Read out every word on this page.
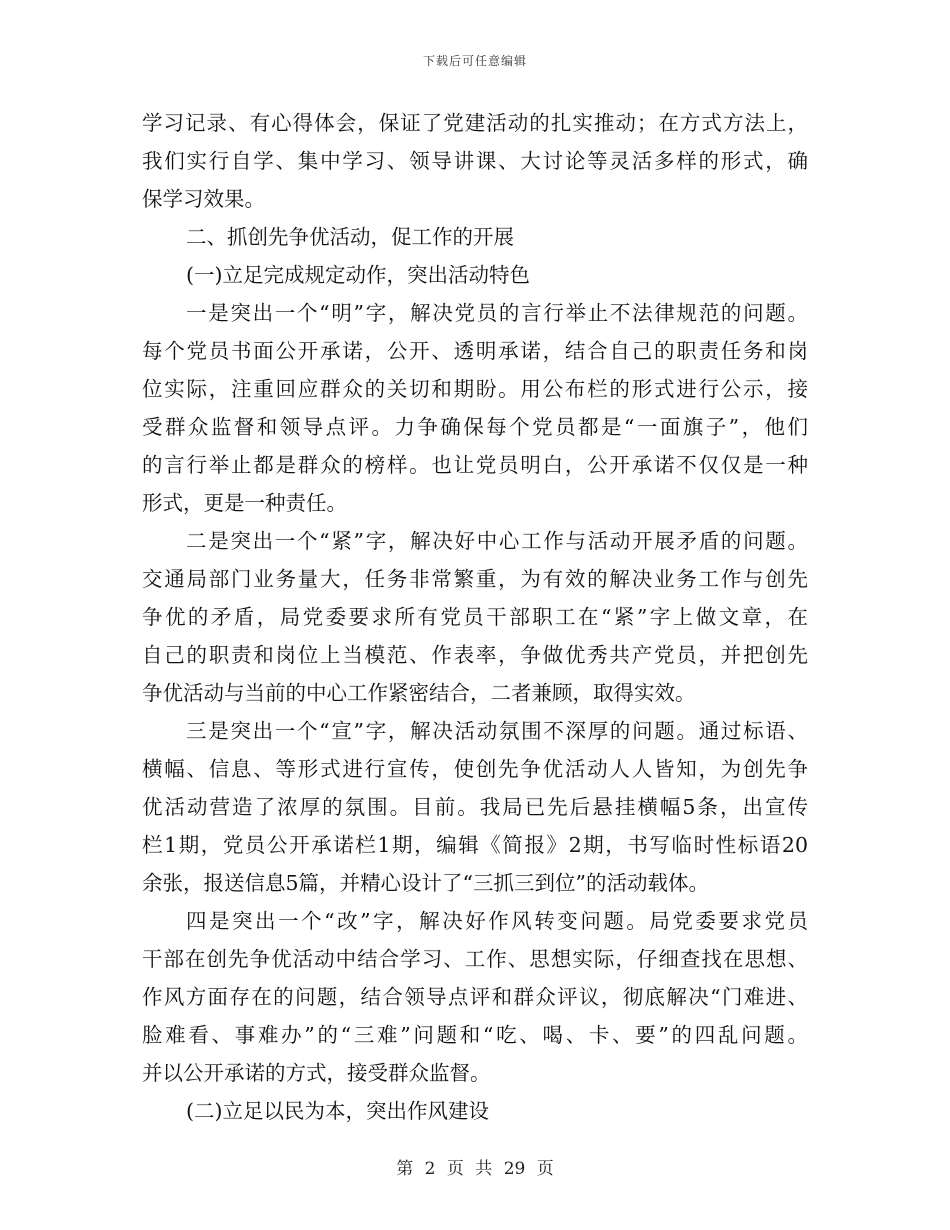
下载后可任意编辑
学习记录、有心得体会，保证了党建活动的扎实推动；在方式方法上，
我们实行自学、集中学习、领导讲课、大讨论等灵活多样的形式，确
保学习效果。
二、抓创先争优活动，促工作的开展
(一)立足完成规定动作，突出活动特色
一是突出一个“明”字，解决党员的言行举止不法律规范的问题。
每个党员书面公开承诺，公开、透明承诺，结合自己的职责任务和岗
位实际，注重回应群众的关切和期盼。用公布栏的形式进行公示，接
受群众监督和领导点评。力争确保每个党员都是“一面旗子”，他们
的言行举止都是群众的榜样。也让党员明白，公开承诺不仅仅是一种
形式，更是一种责任。
二是突出一个“紧”字，解决好中心工作与活动开展矛盾的问题。
交通局部门业务量大，任务非常繁重，为有效的解决业务工作与创先
争优的矛盾，局党委要求所有党员干部职工在“紧”字上做文章，在
自己的职责和岗位上当模范、作表率，争做优秀共产党员，并把创先
争优活动与当前的中心工作紧密结合，二者兼顾，取得实效。
三是突出一个“宣”字，解决活动氛围不深厚的问题。通过标语、
横幅、信息、等形式进行宣传，使创先争优活动人人皆知，为创先争
优活动营造了浓厚的氛围。目前。我局已先后悬挂横幅5条，出宣传
栏1期，党员公开承诺栏1期，编辑《简报》2期，书写临时性标语20
余张，报送信息5篇，并精心设计了“三抓三到位”的活动载体。
四是突出一个“改”字，解决好作风转变问题。局党委要求党员
干部在创先争优活动中结合学习、工作、思想实际，仔细查找在思想、
作风方面存在的问题，结合领导点评和群众评议，彻底解决“门难进、
脸难看、事难办”的“三难”问题和“吃、喝、卡、要”的四乱问题。
并以公开承诺的方式，接受群众监督。
(二)立足以民为本，突出作风建设
第 2 页 共 29 页
